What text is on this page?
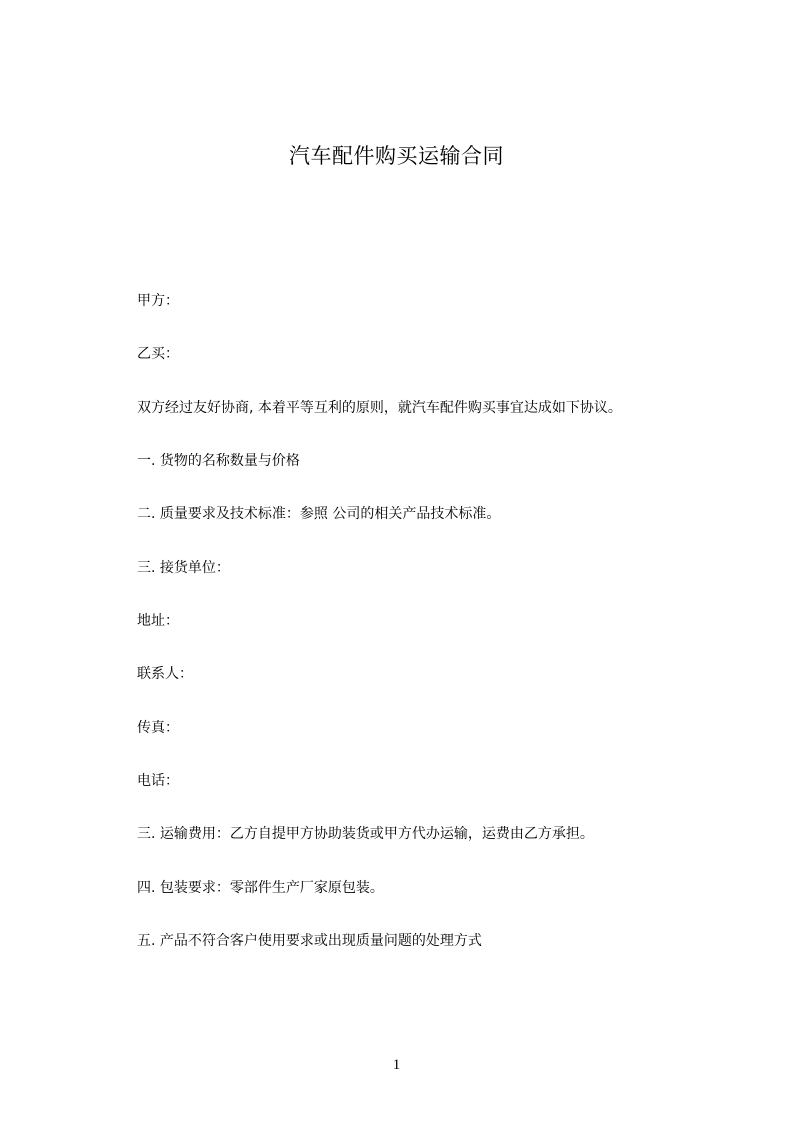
汽车配件购买运输合同
甲方：
乙买：
双方经过友好协商, 本着平等互利的原则，就汽车配件购买事宜达成如下协议。
一. 货物的名称数量与价格
二. 质量要求及技术标准：参照 公司的相关产品技术标准。
三. 接货单位：
地址：
联系人：
传真：
电话：
三. 运输费用：乙方自提甲方协助装货或甲方代办运输，运费由乙方承担。
四. 包装要求：零部件生产厂家原包装。
五. 产品不符合客户使用要求或出现质量问题的处理方式
1
